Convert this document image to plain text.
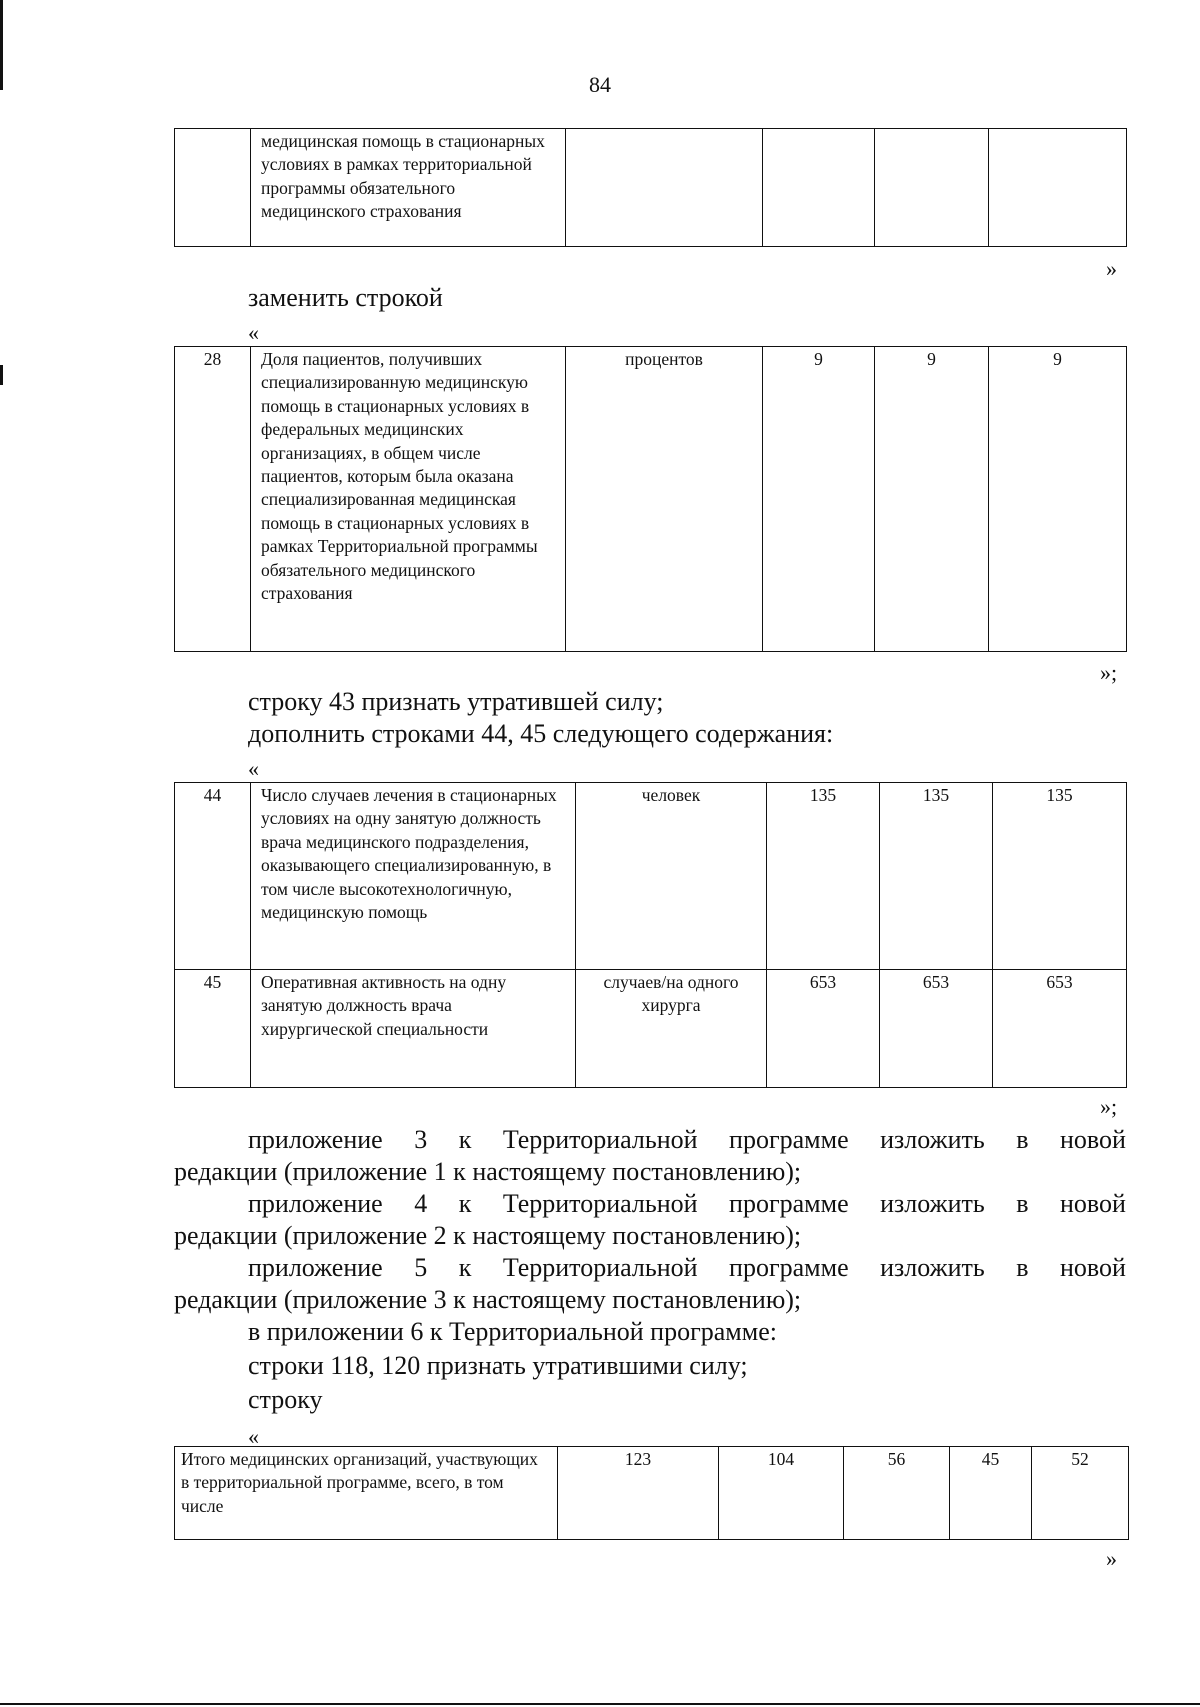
84
	медицинская помощь в стационарных условиях в рамках территориальной программы обязательного медицинского страхования				
»
заменить строкой
«
28	Доля пациентов, получивших специализированную медицинскую помощь в стационарных условиях в федеральных медицинских организациях, в общем числе пациентов, которым была оказана специализированная медицинская помощь в стационарных условиях в рамках Территориальной программы обязательного медицинского страхования	процентов	9	9	9
»;
строку 43 признать утратившей силу;
дополнить строками 44, 45 следующего содержания:
«
44	Число случаев лечения в стационарных условиях на одну занятую должность врача медицинского подразделения, оказывающего специализированную, в том числе высокотехнологичную, медицинскую помощь	человек	135	135	135
45	Оперативная активность на одну занятую должность врача хирургической специальности	случаев/на одного хирурга	653	653	653
»;
приложение 3 к Территориальной программе изложить в новой
редакции (приложение 1 к настоящему постановлению);
приложение 4 к Территориальной программе изложить в новой
редакции (приложение 2 к настоящему постановлению);
приложение 5 к Территориальной программе изложить в новой
редакции (приложение 3 к настоящему постановлению);
в приложении 6 к Территориальной программе:
строки 118, 120 признать утратившими силу;
строку
«
Итого медицинских организаций, участвующих в территориальной программе, всего, в том числе	123	104	56	45	52
»
